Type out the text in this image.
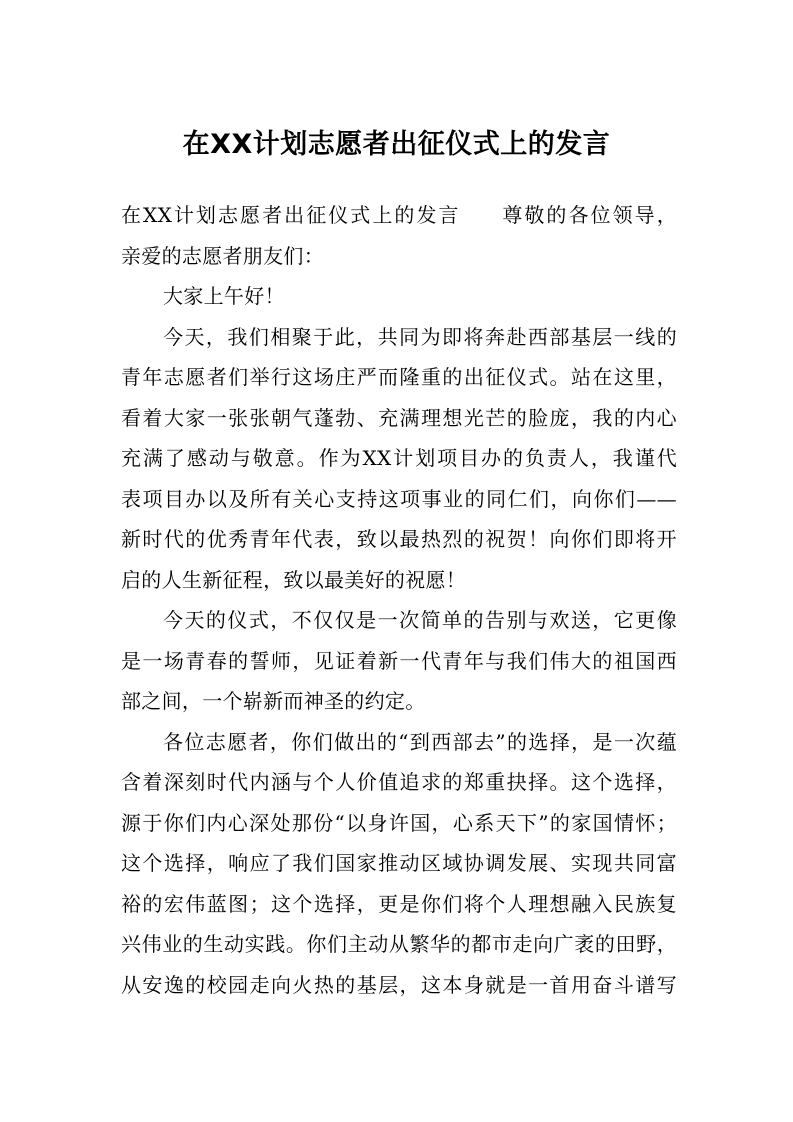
在XX计划志愿者出征仪式上的发言
在XX计划志愿者出征仪式上的发言 尊敬的各位领导，
亲爱的志愿者朋友们：
大家上午好！
今天，我们相聚于此，共同为即将奔赴西部基层一线的
青年志愿者们举行这场庄严而隆重的出征仪式。站在这里，
看着大家一张张朝气蓬勃、充满理想光芒的脸庞，我的内心
充满了感动与敬意。作为XX计划项目办的负责人，我谨代
表项目办以及所有关心支持这项事业的同仁们，向你们——
新时代的优秀青年代表，致以最热烈的祝贺！向你们即将开
启的人生新征程，致以最美好的祝愿！
今天的仪式，不仅仅是一次简单的告别与欢送，它更像
是一场青春的誓师，见证着新一代青年与我们伟大的祖国西
部之间，一个崭新而神圣的约定。
各位志愿者，你们做出的“到西部去”的选择，是一次蕴
含着深刻时代内涵与个人价值追求的郑重抉择。这个选择，
源于你们内心深处那份“以身许国，心系天下”的家国情怀；
这个选择，响应了我们国家推动区域协调发展、实现共同富
裕的宏伟蓝图；这个选择，更是你们将个人理想融入民族复
兴伟业的生动实践。你们主动从繁华的都市走向广袤的田野，
从安逸的校园走向火热的基层，这本身就是一首用奋斗谱写
